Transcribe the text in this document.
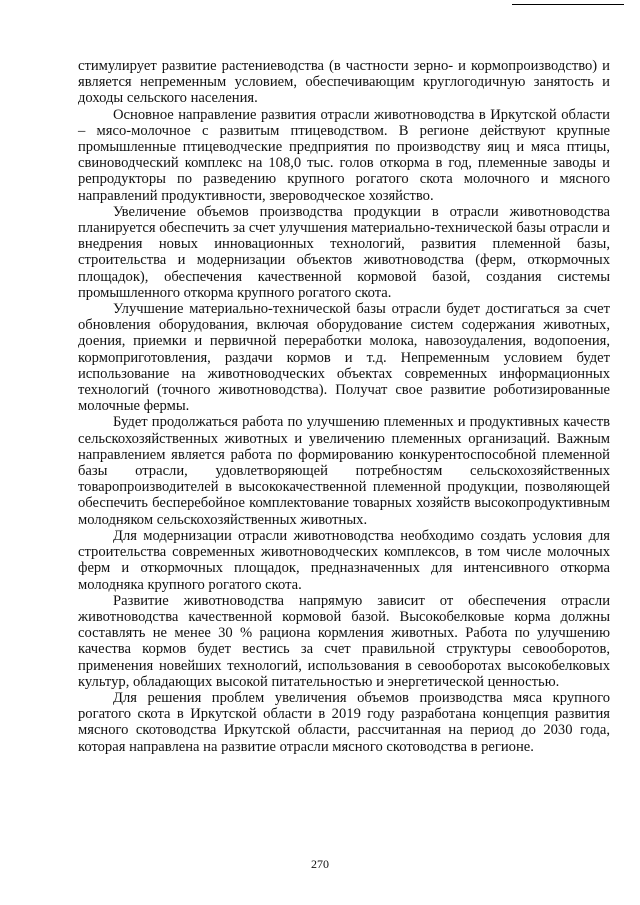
стимулирует развитие растениеводства (в частности зерно- и кормопроизводство) и является непременным условием, обеспечивающим круглогодичную занятость и доходы сельского населения.

Основное направление развития отрасли животноводства в Иркутской области – мясо-молочное с развитым птицеводством. В регионе действуют крупные промышленные птицеводческие предприятия по производству яиц и мяса птицы, свиноводческий комплекс на 108,0 тыс. голов откорма в год, племенные заводы и репродукторы по разведению крупного рогатого скота молочного и мясного направлений продуктивности, звероводческое хозяйство.

Увеличение объемов производства продукции в отрасли животноводства планируется обеспечить за счет улучшения материально-технической базы отрасли и внедрения новых инновационных технологий, развития племенной базы, строительства и модернизации объектов животноводства (ферм, откормочных площадок), обеспечения качественной кормовой базой, создания системы промышленного откорма крупного рогатого скота.

Улучшение материально-технической базы отрасли будет достигаться за счет обновления оборудования, включая оборудование систем содержания животных, доения, приемки и первичной переработки молока, навозоудаления, водопоения, кормоприготовления, раздачи кормов и т.д. Непременным условием будет использование на животноводческих объектах современных информационных технологий (точного животноводства). Получат свое развитие роботизированные молочные фермы.

Будет продолжаться работа по улучшению племенных и продуктивных качеств сельскохозяйственных животных и увеличению племенных организаций. Важным направлением является работа по формированию конкурентоспособной племенной базы отрасли, удовлетворяющей потребностям сельскохозяйственных товаропроизводителей в высококачественной племенной продукции, позволяющей обеспечить бесперебойное комплектование товарных хозяйств высокопродуктивным молодняком сельскохозяйственных животных.

Для модернизации отрасли животноводства необходимо создать условия для строительства современных животноводческих комплексов, в том числе молочных ферм и откормочных площадок, предназначенных для интенсивного откорма молодняка крупного рогатого скота.

Развитие животноводства напрямую зависит от обеспечения отрасли животноводства качественной кормовой базой. Высокобелковые корма должны составлять не менее 30 % рациона кормления животных. Работа по улучшению качества кормов будет вестись за счет правильной структуры севооборотов, применения новейших технологий, использования в севооборотах высокобелковых культур, обладающих высокой питательностью и энергетической ценностью.

Для решения проблем увеличения объемов производства мяса крупного рогатого скота в Иркутской области в 2019 году разработана концепция развития мясного скотоводства Иркутской области, рассчитанная на период до 2030 года, которая направлена на развитие отрасли мясного скотоводства в регионе.

270
